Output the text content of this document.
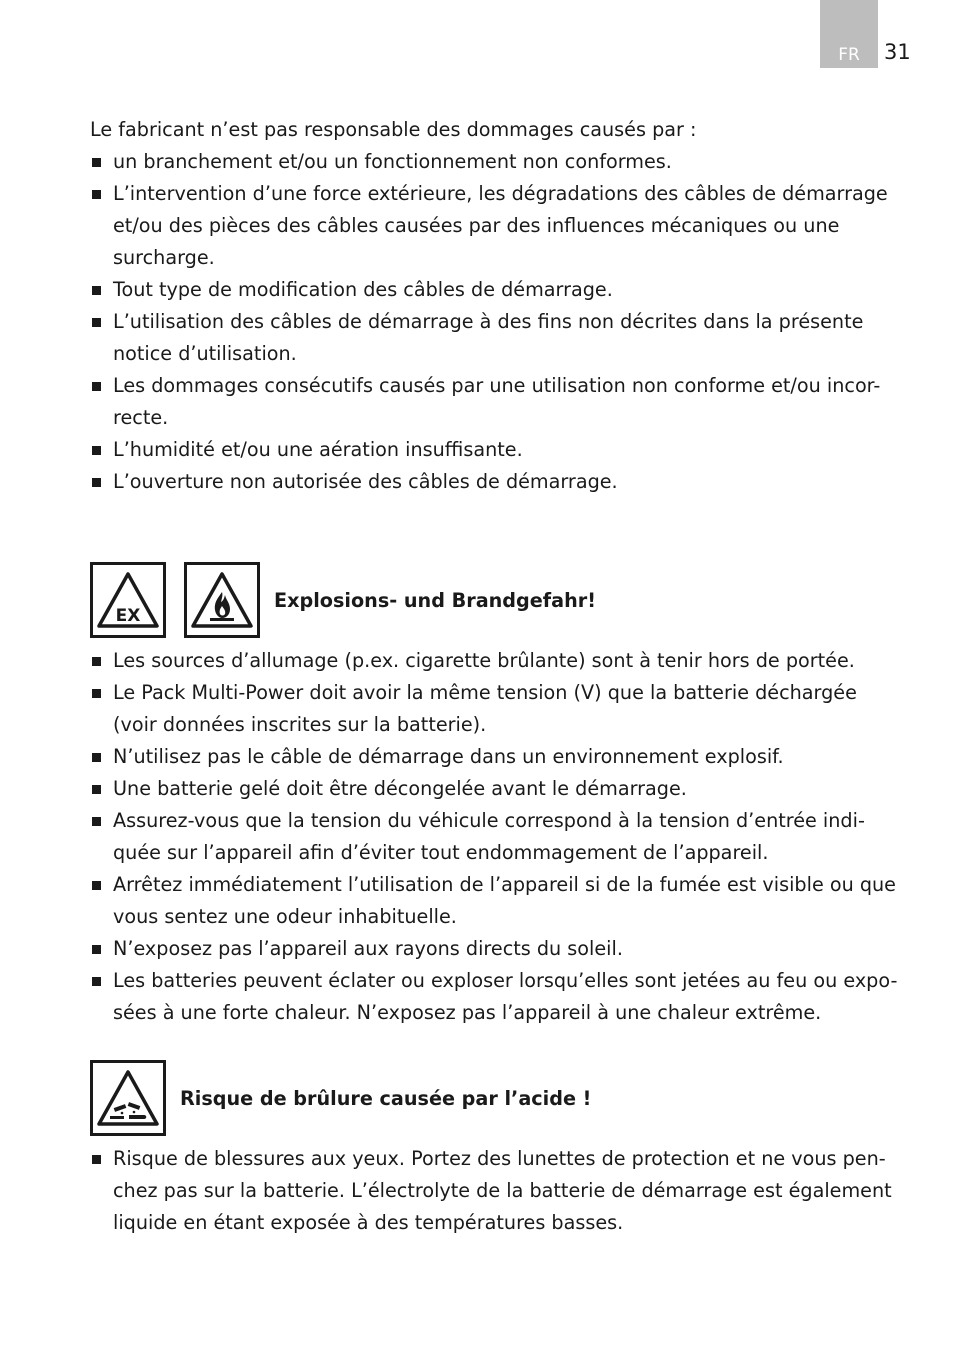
FR 31

Le fabricant n’est pas responsable des dommages causés par :

un branchement et/ou un fonctionnement non conformes.
L’intervention d’une force extérieure, les dégradations des câbles de démarrage et/ou des pièces des câbles causées par des influences mécaniques ou une surcharge.
Tout type de modification des câbles de démarrage.
L’utilisation des câbles de démarrage à des fins non décrites dans la présente notice d’utilisation.
Les dommages consécutifs causés par une utilisation non conforme et/ou incor-recte.
L’humidité et/ou une aération insuffisante.
L’ouverture non autorisée des câbles de démarrage.
EX
Explosions- und Brandgefahr!
Les sources d’allumage (p.ex. cigarette brûlante) sont à tenir hors de portée.
Le Pack Multi-Power doit avoir la même tension (V) que la batterie déchargée (voir données inscrites sur la batterie).
N’utilisez pas le câble de démarrage dans un environnement explosif.
Une batterie gelé doit être décongelée avant le démarrage.
Assurez-vous que la tension du véhicule correspond à la tension d’entrée indi-quée sur l’appareil afin d’éviter tout endommagement de l’appareil.
Arrêtez immédiatement l’utilisation de l’appareil si de la fumée est visible ou que vous sentez une odeur inhabituelle.
N’exposez pas l’appareil aux rayons directs du soleil.
Les batteries peuvent éclater ou exploser lorsqu’elles sont jetées au feu ou expo-sées à une forte chaleur. N’exposez pas l’appareil à une chaleur extrême.
Risque de brûlure causée par l’acide !
Risque de blessures aux yeux. Portez des lunettes de protection et ne vous pen-chez pas sur la batterie. L’électrolyte de la batterie de démarrage est également liquide en étant exposée à des températures basses.
